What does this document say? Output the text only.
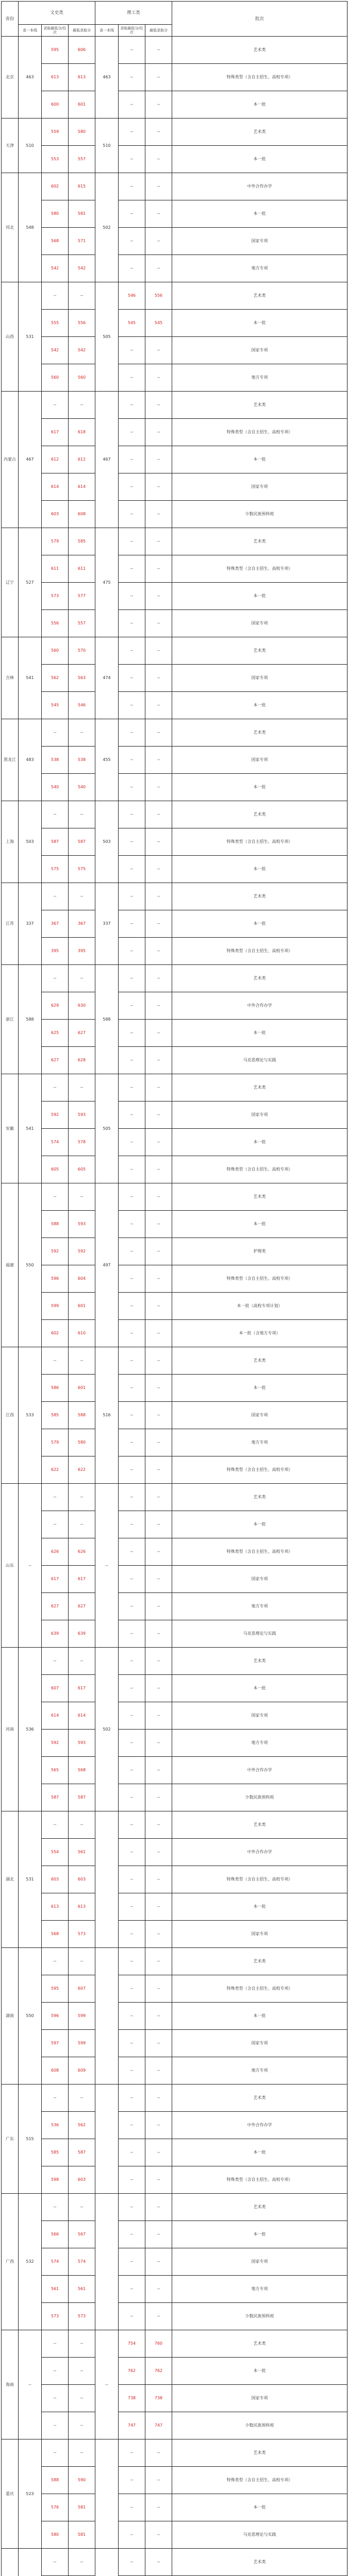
省份	文史类			理工类			批次
	省一本线	录取最低分/位次	最低录取分	省一本线	录取最低分/位次	最低录取分	
北京	463	595	606	463	--	--	艺术类
		613	613		--	--	特殊类型（含自主招生、高校专项）
		600	601		--	--	本一批
天津	510	559	580	510	--	--	艺术类
		553	557		--	--	本一批
河北	548	602	615	502	--	--	中外合作办学
		580	581		--	--	本一批
		568	571		--	--	国家专项
		542	542		--	--	地方专项
山西	531	--	--	505	546	556	艺术类
		555	556		545	545	本一批
		542	542		--	--	国家专项
		560	560		--	--	地方专项
内蒙古	467	--	--	467	--	--	艺术类
		617	618		--	--	特殊类型（含自主招生、高校专项）
		612	612		--	--	本一批
		614	614		--	--	国家专项
		603	608		--	--	少数民族预科班
辽宁	527	579	585	475	--	--	艺术类
		611	611		--	--	特殊类型（含自主招生、高校专项）
		573	577		--	--	本一批
		556	557		--	--	国家专项
吉林	541	560	570	474	--	--	艺术类
		562	563		--	--	国家专项
		545	546		--	--	本一批
黑龙江	483	--	--	455	--	--	艺术类
		538	538		--	--	国家专项
		540	540		--	--	本一批
上海	503	--	--	503	--	--	艺术类
		587	587		--	--	特殊类型（含自主招生、高校专项）
		575	575		--	--	本一批
江苏	337	--	--	337	--	--	艺术类
		367	367		--	--	本一批
		395	395		--	--	特殊类型（含自主招生、高校专项）
浙江	588	--	--	588	--	--	艺术类
		629	630		--	--	中外合作办学
		625	627		--	--	本一批
		627	628		--	--	马克思理论与实践
安徽	541	--	--	505	--	--	艺术类
		592	593		--	--	国家专项
		574	578		--	--	本一批
		605	605		--	--	特殊类型（含自主招生、高校专项）
福建	550	--	--	497	--	--	艺术类
		588	593		--	--	本一批
		592	592		--	--	护理类
		596	604		--	--	特殊类型（含自主招生、高校专项）
		599	601		--	--	本一批（高校专项计划）
		602	610		--	--	本一批（含地方专项）
江西	533	--	--	516	--	--	艺术类
		586	601		--	--	本一批
		585	588		--	--	国家专项
		579	580		--	--	地方专项
		622	622		--	--	特殊类型（含自主招生、高校专项）
山东	--	--	--	--	--	--	艺术类
		--	--		--	--	本一批
		626	626		--	--	特殊类型（含自主招生、高校专项）
		617	617		--	--	国家专项
		627	627		--	--	地方专项
		639	639		--	--	马克思理论与实践
河南	536	--	--	502	--	--	艺术类
		607	617		--	--	本一批
		614	614		--	--	国家专项
		592	593		--	--	地方专项
		565	568		--	--	中外合作办学
		587	587		--	--	少数民族预科班
湖北	531	--	--		--	--	艺术类
		554	561		--	--	中外合作办学
		603	603		--	--	特殊类型（含自主招生、高校专项）
		613	613		--	--	本一批
		568	573		--	--	国家专项
湖南	550	--	--		--	--	艺术类
		595	607		--	--	特殊类型（含自主招生、高校专项）
		596	599		--	--	本一批
		597	599		--	--	国家专项
		608	609		--	--	地方专项
广东	515	--	--		--	--	艺术类
		536	562		--	--	中外合作办学
		585	587		--	--	本一批
		598	603		--	--	特殊类型（含自主招生、高校专项）
广西	532	--	--		--	--	艺术类
		566	567		--	--	本一批
		574	574		--	--	国家专项
		561	561		--	--	地方专项
		573	573		--	--	少数民族预科班
海南	--	--	--	--	754	760	艺术类
		--	--		762	762	本一批
		--	--		738	738	国家专项
		--	--		747	747	少数民族预科班
重庆	523	--	--		--	--	艺术类
		588	590		--	--	特殊类型（含自主招生、高校专项）
		576	581		--	--	本一批
		580	581		--	--	马克思理论与实践
		--	--		--	--	艺术类
